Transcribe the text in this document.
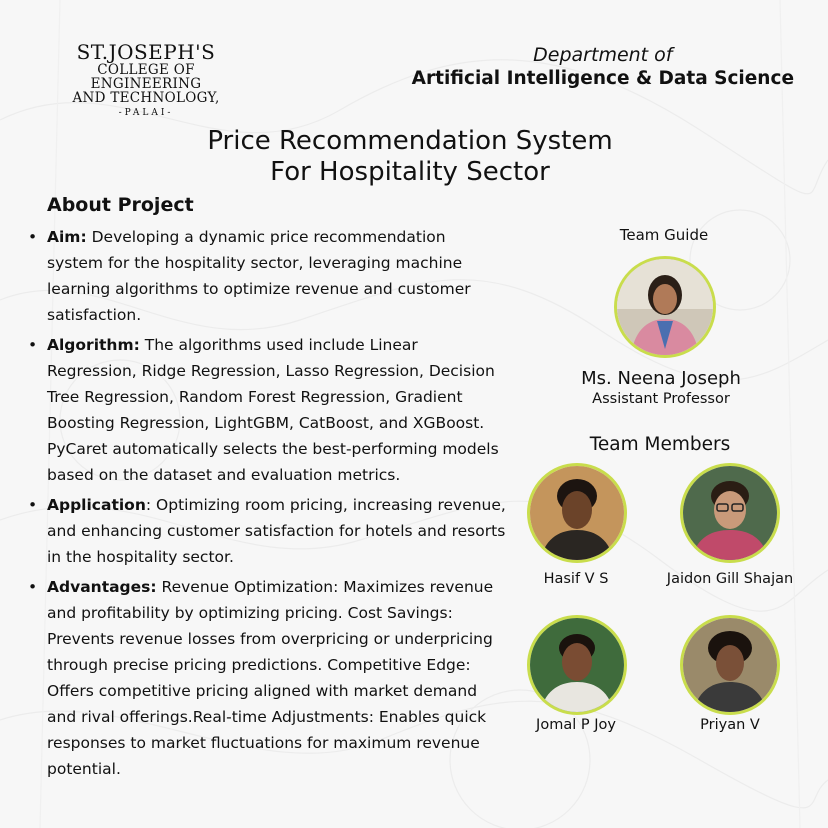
ST.JOSEPH'S
COLLEGE OF ENGINEERING
AND TECHNOLOGY,
-PALAI-
Department of
Artificial Intelligence & Data Science
Price Recommendation System
For Hospitality Sector
About Project
• Aim: Developing a dynamic price recommendation system for the hospitality sector, leveraging machine learning algorithms to optimize revenue and customer satisfaction.
• Algorithm: The algorithms used include Linear Regression, Ridge Regression, Lasso Regression, Decision Tree Regression, Random Forest Regression, Gradient Boosting Regression, LightGBM, CatBoost, and XGBoost. PyCaret automatically selects the best-performing models based on the dataset and evaluation metrics.
• Application: Optimizing room pricing, increasing revenue, and enhancing customer satisfaction for hotels and resorts in the hospitality sector.
• Advantages: Revenue Optimization: Maximizes revenue and profitability by optimizing pricing. Cost Savings: Prevents revenue losses from overpricing or underpricing through precise pricing predictions. Competitive Edge: Offers competitive pricing aligned with market demand and rival offerings.Real-time Adjustments: Enables quick responses to market fluctuations for maximum revenue potential.
Team Guide
Ms. Neena Joseph
Assistant Professor
Team Members
Hasif V S	Jaidon Gill Shajan
Jomal P Joy	Priyan V
